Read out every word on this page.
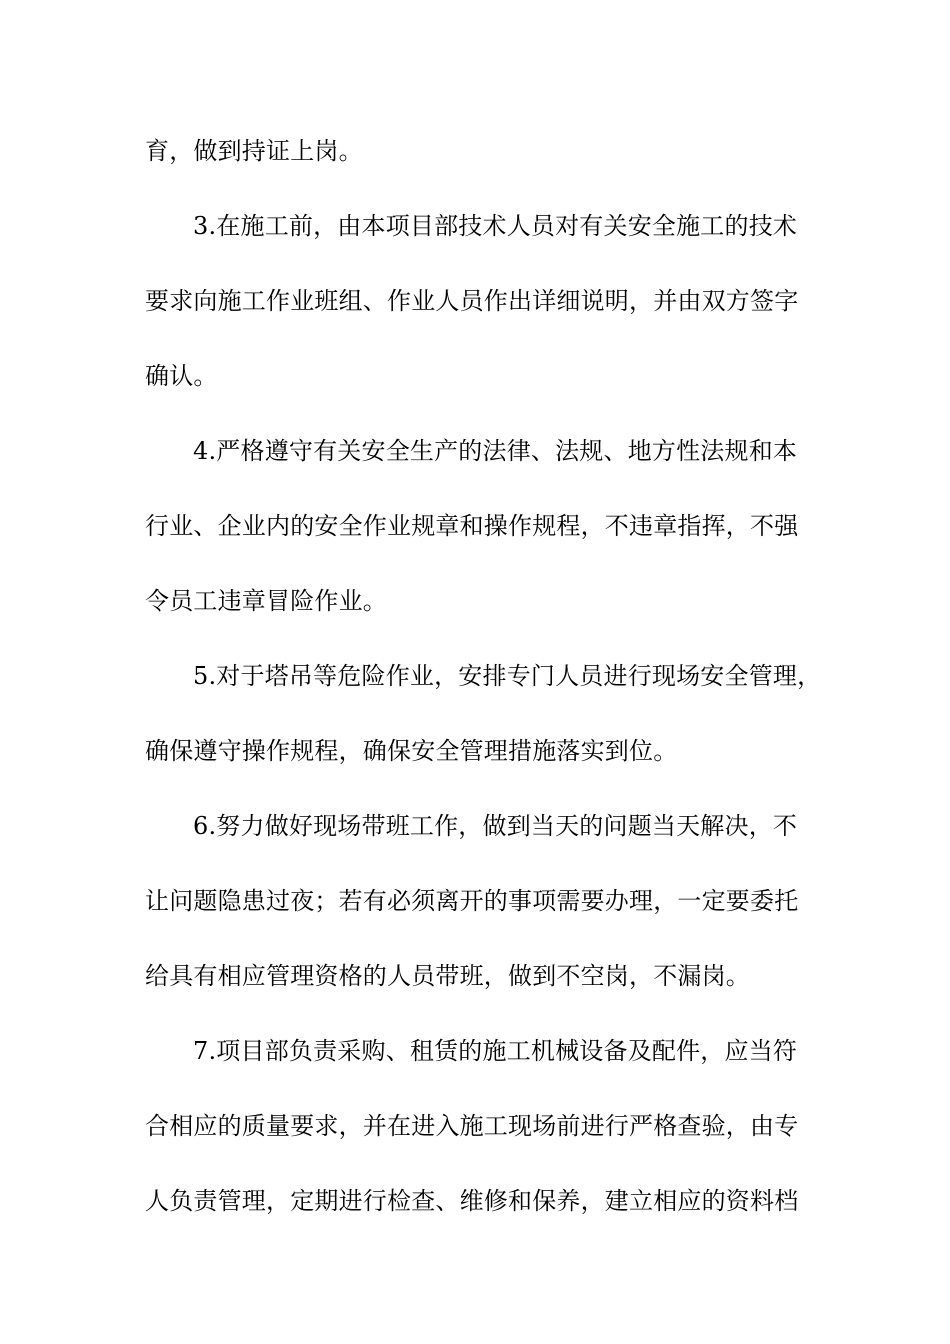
育，做到持证上岗。
3.在施工前，由本项目部技术人员对有关安全施工的技术
要求向施工作业班组、作业人员作出详细说明，并由双方签字
确认。
4.严格遵守有关安全生产的法律、法规、地方性法规和本
行业、企业内的安全作业规章和操作规程，不违章指挥，不强
令员工违章冒险作业。
5.对于塔吊等危险作业，安排专门人员进行现场安全管理，
确保遵守操作规程，确保安全管理措施落实到位。
6.努力做好现场带班工作，做到当天的问题当天解决，不
让问题隐患过夜；若有必须离开的事项需要办理，一定要委托
给具有相应管理资格的人员带班，做到不空岗，不漏岗。
7.项目部负责采购、租赁的施工机械设备及配件，应当符
合相应的质量要求，并在进入施工现场前进行严格查验，由专
人负责管理，定期进行检查、维修和保养，建立相应的资料档
